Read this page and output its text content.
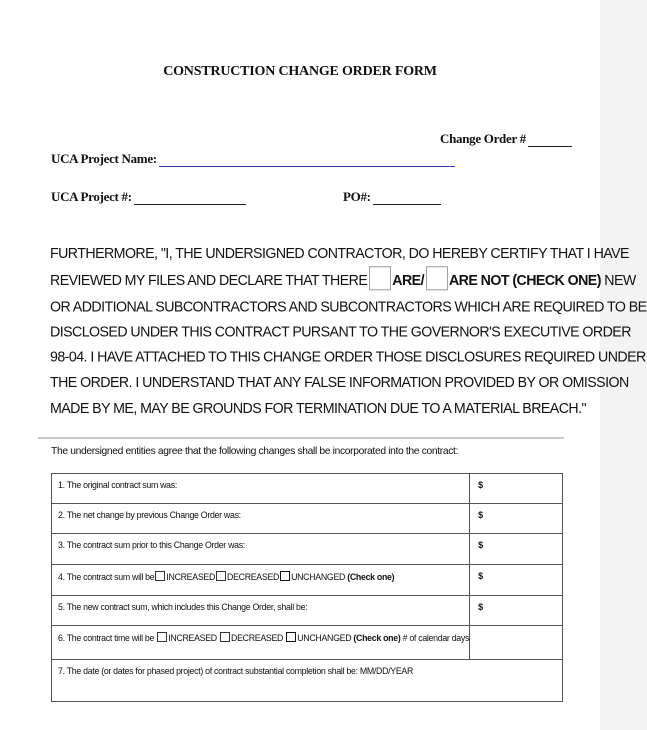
CONSTRUCTION CHANGE ORDER FORM
Change Order #
UCA Project Name:
UCA Project #:	PO#:
FURTHERMORE, "I, THE UNDERSIGNED CONTRACTOR, DO HEREBY CERTIFY THAT I HAVE
REVIEWED MY FILES AND DECLARE THAT THERE ARE/ ARE NOT (CHECK ONE) NEW
OR ADDITIONAL SUBCONTRACTORS AND SUBCONTRACTORS WHICH ARE REQUIRED TO BE
DISCLOSED UNDER THIS CONTRACT PURSANT TO THE GOVERNOR'S EXECUTIVE ORDER
98-04. I HAVE ATTACHED TO THIS CHANGE ORDER THOSE DISCLOSURES REQUIRED UNDER
THE ORDER. I UNDERSTAND THAT ANY FALSE INFORMATION PROVIDED BY OR OMISSION
MADE BY ME, MAY BE GROUNDS FOR TERMINATION DUE TO A MATERIAL BREACH."
The undersigned entities agree that the following changes shall be incorporated into the contract:
1. The original contract sum was:	$
2. The net change by previous Change Order was:	$
3. The contract sum prior to this Change Order was:	$
4. The contract sum will be INCREASED DECREASED UNCHANGED (Check one)	$
5. The new contract sum, which includes this Change Order, shall be:	$
6. The contract time will be INCREASED DECREASED UNCHANGED (Check one) # of calendar days	
7. The date (or dates for phased project) of contract substantial completion shall be: MM/DD/YEAR	
